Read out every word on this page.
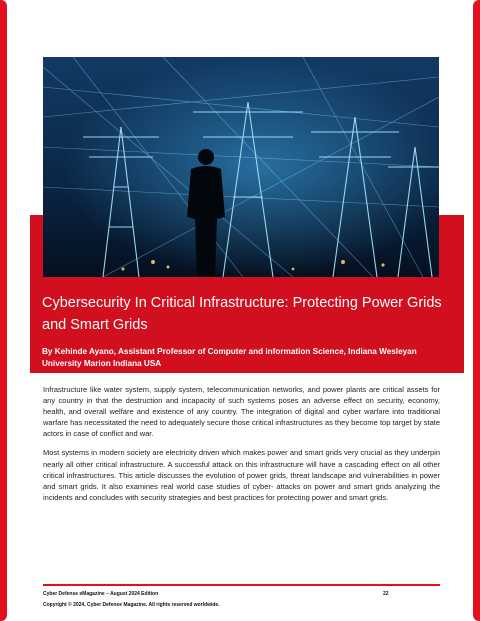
Cybersecurity In Critical Infrastructure: Protecting Power Grids and Smart Grids

By Kehinde Ayano, Assistant Professor of Computer and information Science, Indiana Wesleyan University Marion Indiana USA

Infrastructure like water system, supply system, telecommunication networks, and power plants are critical assets for any country in that the destruction and incapacity of such systems poses an adverse effect on security, economy, health, and overall welfare and existence of any country. The integration of digital and cyber warfare into traditional warfare has necessitated the need to adequately secure those critical infrastructures as they become top target by state actors in case of conflict and war.

Most systems in modern society are electricity driven which makes power and smart grids very crucial as they underpin nearly all other critical infrastructure. A successful attack on this infrastructure will have a cascading effect on all other critical infrastructures. This article discusses the evolution of power grids, threat landscape and vulnerabilities in power and smart grids. It also examines real world case studies of cyber- attacks on power and smart grids analyzing the incidents and concludes with security strategies and best practices for protecting power and smart grids.

Cyber Defense eMagazine – August 2024 Edition	22
Copyright © 2024, Cyber Defense Magazine. All rights reserved worldwide.
